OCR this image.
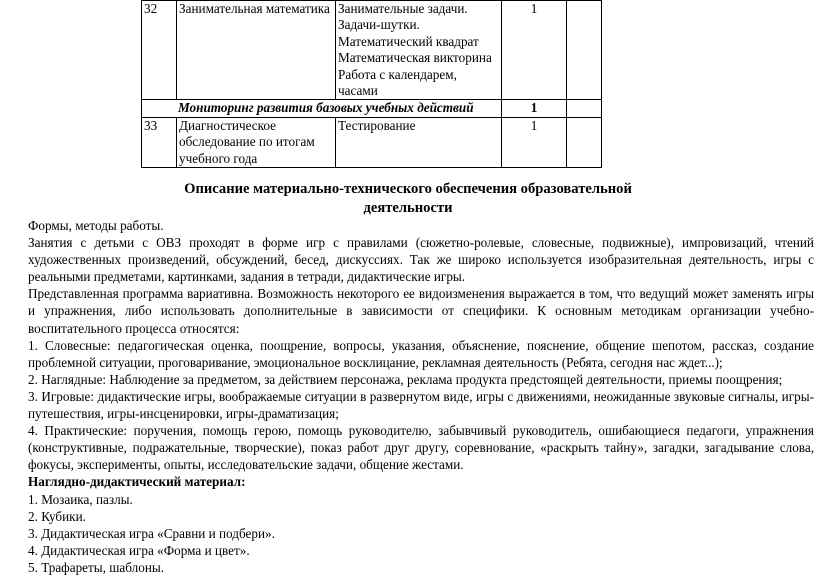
32	Занимательная математика	Занимательные задачи.
Задачи-шутки.
Математический квадрат
Математическая викторина
Работа с календарем, часами	1	
Мониторинг развития базовых учебных действий			1	
33	Диагностическое обследование по итогам учебного года	Тестирование	1	
Описание материально-технического обеспечения образовательной
деятельности

Формы, методы работы.

Занятия с детьми с ОВЗ проходят в форме игр с правилами (сюжетно-ролевые, словесные, подвижные), импровизаций, чтений художественных произведений, обсуждений, бесед, дискуссиях. Так же широко используется изобразительная деятельность, игры с реальными предметами, картинками, задания в тетради, дидактические игры.

Представленная программа вариативна. Возможность некоторого ее видоизменения выражается в том, что ведущий может заменять игры и упражнения, либо использовать дополнительные в зависимости от специфики. К основным методикам организации учебно-воспитательного процесса относятся:

1. Словесные: педагогическая оценка, поощрение, вопросы, указания, объяснение, пояснение, общение шепотом, рассказ, создание проблемной ситуации, проговаривание, эмоциональное восклицание, рекламная деятельность (Ребята, сегодня нас ждет...);

2. Наглядные: Наблюдение за предметом, за действием персонажа, реклама продукта предстоящей деятельности, приемы поощрения;

3. Игровые: дидактические игры, воображаемые ситуации в развернутом виде, игры с движениями, неожиданные звуковые сигналы, игры-путешествия, игры-инсценировки, игры-драматизация;

4. Практические: поручения, помощь герою, помощь руководителю, забывчивый руководитель, ошибающиеся педагоги, упражнения (конструктивные, подражательные, творческие), показ работ друг другу, соревнование, «раскрыть тайну», загадки, загадывание слова, фокусы, эксперименты, опыты, исследовательские задачи, общение жестами.

Наглядно-дидактический материал:

1. Мозаика, пазлы.

2. Кубики.

3. Дидактическая игра «Сравни и подбери».

4. Дидактическая игра «Форма и цвет».

5. Трафареты, шаблоны.
